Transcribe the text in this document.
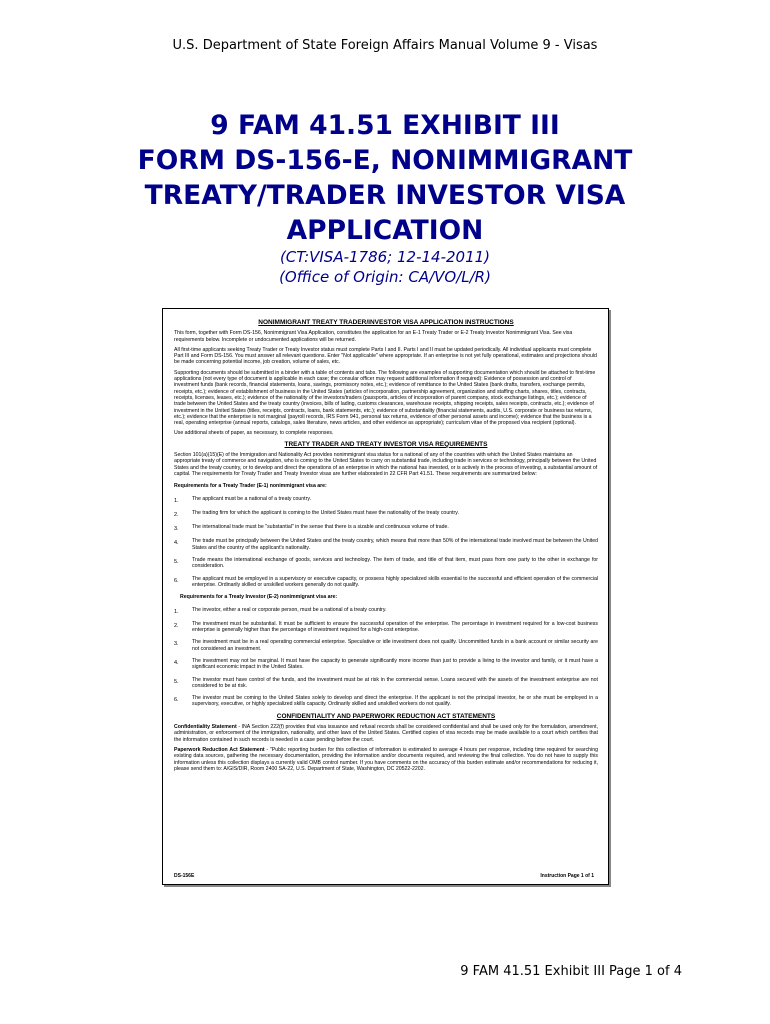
U.S. Department of State Foreign Affairs Manual Volume 9 - Visas
9 FAM 41.51 EXHIBIT III
FORM DS-156-E, NONIMMIGRANT
TREATY/TRADER INVESTOR VISA
APPLICATION
(CT:VISA-1786; 12-14-2011)
(Office of Origin: CA/VO/L/R)
NONIMMIGRANT TREATY TRADER/INVESTOR VISA APPLICATION INSTRUCTIONS

This form, together with Form DS-156, Nonimmigrant Visa Application, constitutes the application for an E-1 Treaty Trader or E-2 Treaty Investor Nonimmigrant Visa. See visa requirements below. Incomplete or undocumented applications will be returned.

All first-time applicants seeking Treaty Trader or Treaty Investor status must complete Parts I and II. Parts I and II must be updated periodically. All individual applicants must complete Part III and Form DS-156. You must answer all relevant questions. Enter "Not applicable" where appropriate. If an enterprise is not yet fully operational, estimates and projections should be made concerning potential income, job creation, volume of sales, etc.

Supporting documents should be submitted in a binder with a table of contents and tabs. The following are examples of supporting documentation which should be attached to first-time applications (not every type of document is applicable in each case; the consular officer may request additional information if required): Evidence of possession and control of investment funds (bank records, financial statements, loans, savings, promissory notes, etc.); evidence of remittance to the United States (bank drafts, transfers, exchange permits, receipts, etc.); evidence of establishment of business in the United States (articles of incorporation, partnership agreement, organization and staffing charts, shares, titles, contracts, receipts, licenses, leases, etc.); evidence of the nationality of the investors/traders (passports, articles of incorporation of parent company, stock exchange listings, etc.); evidence of trade between the United States and the treaty country (invoices, bills of lading, customs clearances, warehouse receipts, shipping receipts, sales receipts, contracts, etc.); evidence of investment in the United States (titles, receipts, contracts, loans, bank statements, etc.); evidence of substantiality (financial statements, audits, U.S. corporate or business tax returns, etc.); evidence that the enterprise is not marginal (payroll records, IRS Form 941, personal tax returns, evidence of other personal assets and income); evidence that the business is a real, operating enterprise (annual reports, catalogs, sales literature, news articles, and other evidence as appropriate); curriculum vitae of the proposed visa recipient (optional).

Use additional sheets of paper, as necessary, to complete responses.

TREATY TRADER AND TREATY INVESTOR VISA REQUIREMENTS

Section 101(a)(15)(E) of the Immigration and Nationality Act provides nonimmigrant visa status for a national of any of the countries with which the United States maintains an appropriate treaty of commerce and navigation, who is coming to the United States to carry on substantial trade, including trade in services or technology, principally between the United States and the treaty country, or to develop and direct the operations of an enterprise in which the national has invested, or is actively in the process of investing, a substantial amount of capital. The requirements for Treaty Trader and Treaty Investor visas are further elaborated in 22 CFR Part 41.51. These requirements are summarized below:

Requirements for a Treaty Trader (E-1) nonimmigrant visa are:
1.	The applicant must be a national of a treaty country.
2.	The trading firm for which the applicant is coming to the United States must have the nationality of the treaty country.
3.	The international trade must be "substantial" in the sense that there is a sizable and continuous volume of trade.
4.	The trade must be principally between the United States and the treaty country, which means that more than 50% of the international trade involved must be between the United States and the country of the applicant's nationality.
5.	Trade means the international exchange of goods, services and technology. The item of trade, and title of that item, must pass from one party to the other in exchange for consideration.
6.	The applicant must be employed in a supervisory or executive capacity, or possess highly specialized skills essential to the successful and efficient operation of the commercial enterprise. Ordinarily skilled or unskilled workers generally do not qualify.
Requirements for a Treaty Investor (E-2) nonimmigrant visa are:
1.	The investor, either a real or corporate person, must be a national of a treaty country.
2.	The investment must be substantial. It must be sufficient to ensure the successful operation of the enterprise. The percentage in investment required for a low-cost business enterprise is generally higher than the percentage of investment required for a high-cost enterprise.
3.	The investment must be in a real operating commercial enterprise. Speculative or idle investment does not qualify. Uncommitted funds in a bank account or similar security are not considered an investment.
4.	The investment may not be marginal. It must have the capacity to generate significantly more income than just to provide a living to the investor and family, or it must have a significant economic impact in the United States.
5.	The investor must have control of the funds, and the investment must be at risk in the commercial sense. Loans secured with the assets of the investment enterprise are not considered to be at risk.
6.	The investor must be coming to the United States solely to develop and direct the enterprise. If the applicant is not the principal investor, he or she must be employed in a supervisory, executive, or highly specialized skills capacity. Ordinarily skilled and unskilled workers do not qualify.
CONFIDENTIALITY AND PAPERWORK REDUCTION ACT STATEMENTS

Confidentiality Statement - INA Section 222(f) provides that visa issuance and refusal records shall be considered confidential and shall be used only for the formulation, amendment, administration, or enforcement of the immigration, nationality, and other laws of the United States. Certified copies of visa records may be made available to a court which certifies that the information contained in such records is needed in a case pending before the court.

Paperwork Reduction Act Statement - "Public reporting burden for this collection of information is estimated to average 4 hours per response, including time required for searching existing data sources, gathering the necessary documentation, providing the information and/or documents required, and reviewing the final collection. You do not have to supply this information unless this collection displays a currently valid OMB control number. If you have comments on the accuracy of this burden estimate and/or recommendations for reducing it, please send them to: A/GIS/DIR, Room 2400 SA-22, U.S. Department of State, Washington, DC 20522-2202.

DS-156E	Instruction Page 1 of 1
9 FAM 41.51 Exhibit III Page 1 of 4
